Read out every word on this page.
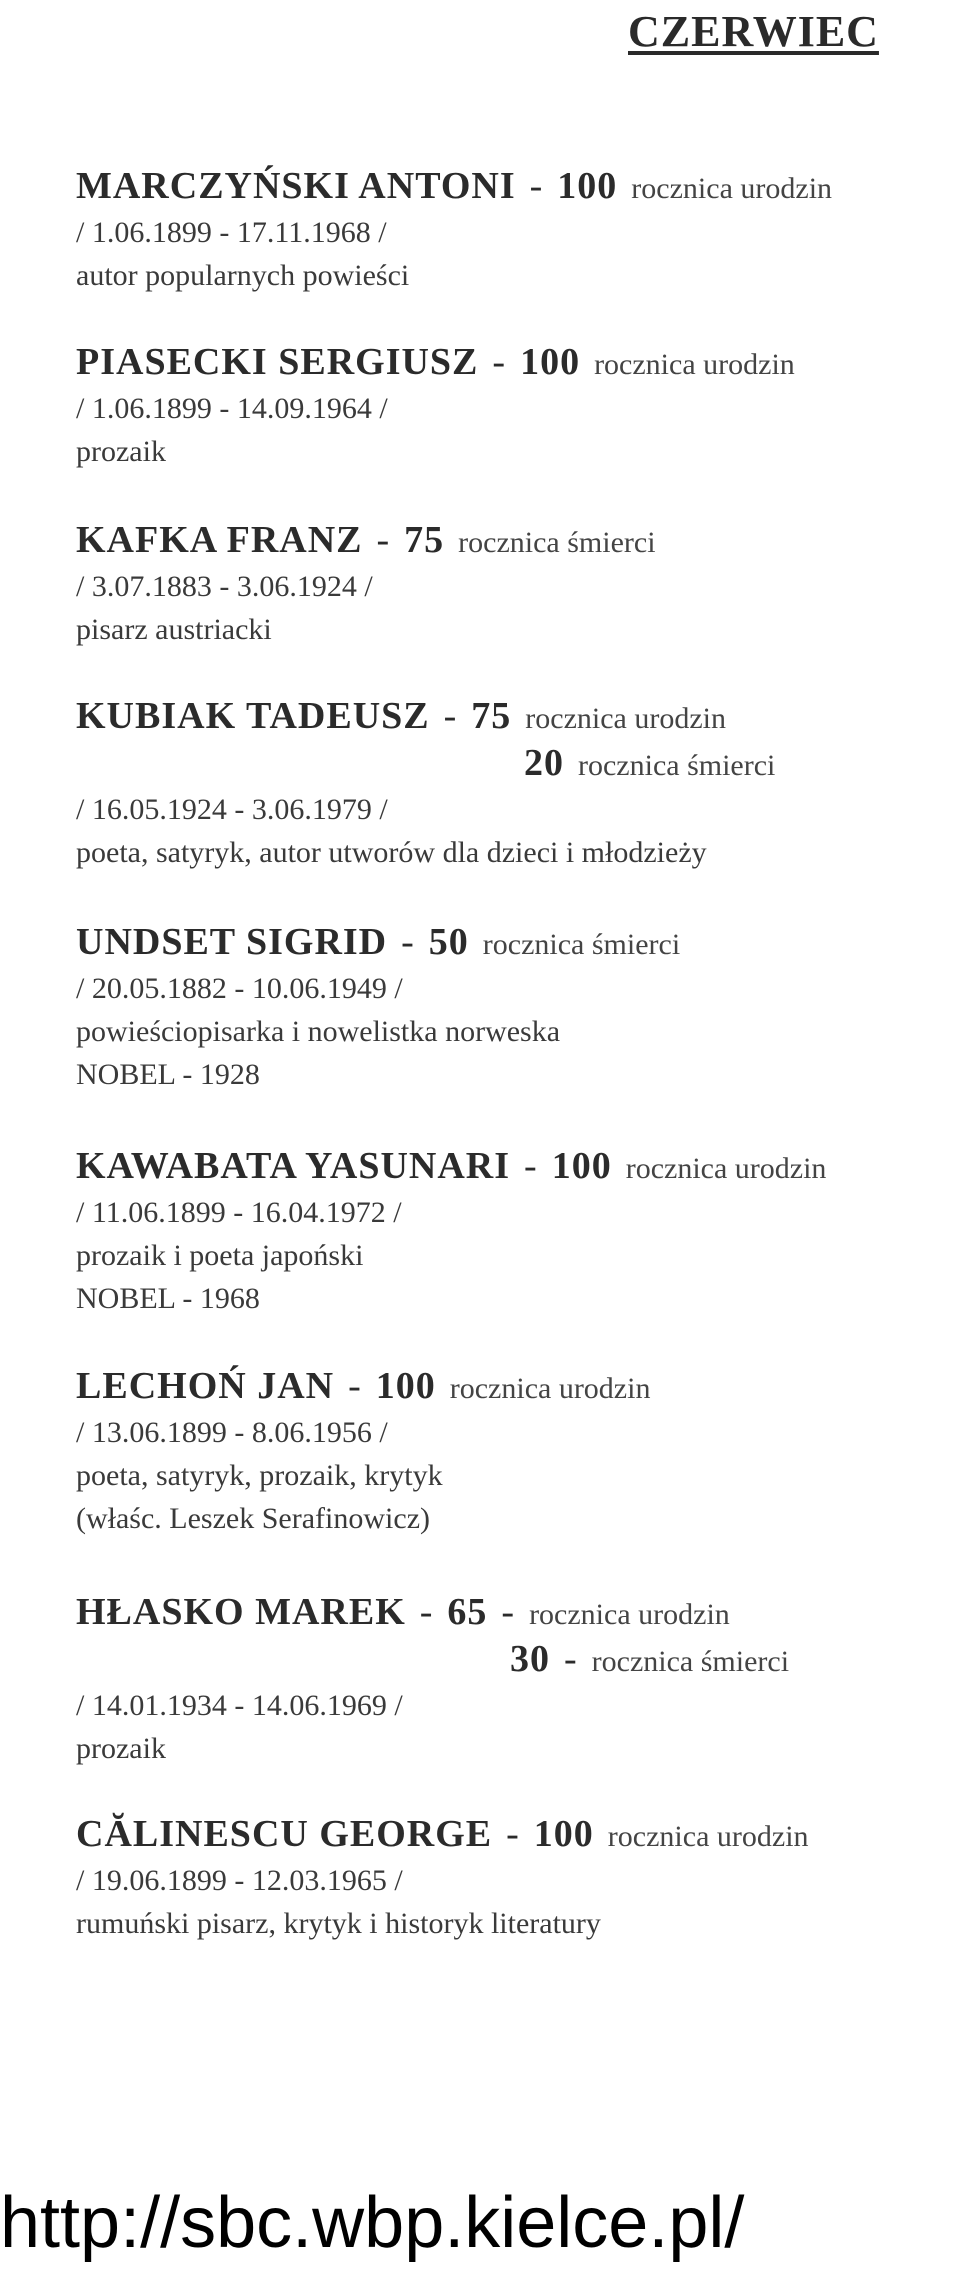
CZERWIEC
MARCZYŃSKI ANTONI - 100 rocznica urodzin
/ 1.06.1899 - 17.11.1968 /
autor popularnych powieści
PIASECKI SERGIUSZ - 100 rocznica urodzin
/ 1.06.1899 - 14.09.1964 /
prozaik
KAFKA FRANZ - 75 rocznica śmierci
/ 3.07.1883 - 3.06.1924 /
pisarz austriacki
KUBIAK TADEUSZ - 75 rocznica urodzin
20 rocznica śmierci
/ 16.05.1924 - 3.06.1979 /
poeta, satyryk, autor utworów dla dzieci i młodzieży
UNDSET SIGRID - 50 rocznica śmierci
/ 20.05.1882 - 10.06.1949 /
powieściopisarka i nowelistka norweska
NOBEL - 1928
KAWABATA YASUNARI - 100 rocznica urodzin
/ 11.06.1899 - 16.04.1972 /
prozaik i poeta japoński
NOBEL - 1968
LECHOŃ JAN - 100 rocznica urodzin
/ 13.06.1899 - 8.06.1956 /
poeta, satyryk, prozaik, krytyk
(właśc. Leszek Serafinowicz)
HŁASKO MAREK - 65 - rocznica urodzin
30 - rocznica śmierci
/ 14.01.1934 - 14.06.1969 /
prozaik
CĂLINESCU GEORGE - 100 rocznica urodzin
/ 19.06.1899 - 12.03.1965 /
rumuński pisarz, krytyk i historyk literatury
http://sbc.wbp.kielce.pl/
